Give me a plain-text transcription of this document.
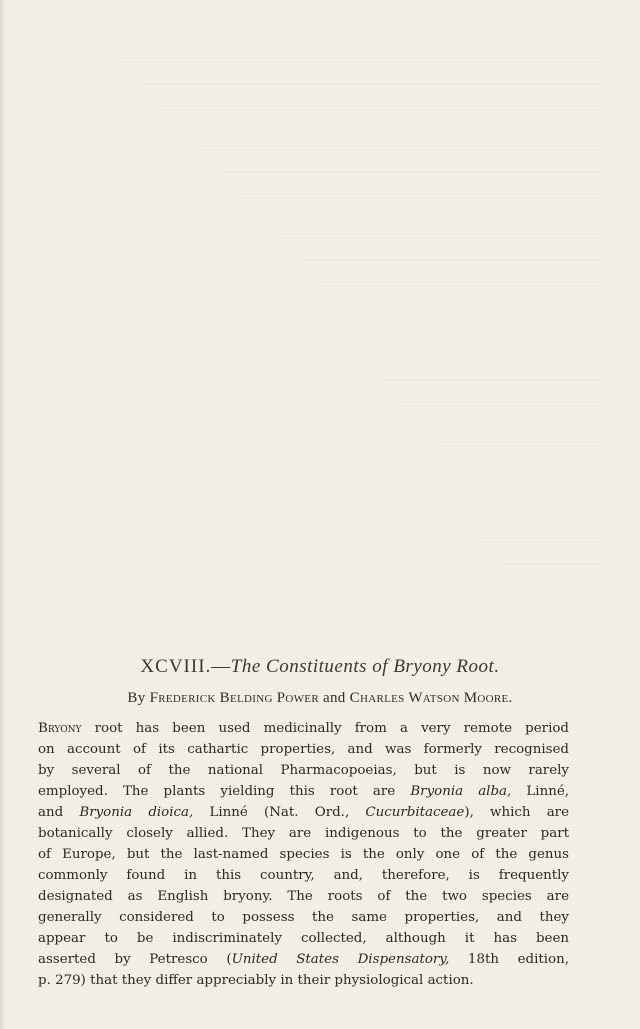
XCVIII.—The Constituents of Bryony Root.
By Frederick Belding Power and Charles Watson Moore.
Bryony root has been used medicinally from a very remote period
on account of its cathartic properties, and was formerly recognised
by several of the national Pharmacopoeias, but is now rarely
employed. The plants yielding this root are Bryonia alba, Linné,
and Bryonia dioica, Linné (Nat. Ord., Cucurbitaceae), which are
botanically closely allied. They are indigenous to the greater part
of Europe, but the last-named species is the only one of the genus
commonly found in this country, and, therefore, is frequently
designated as English bryony. The roots of the two species are
generally considered to possess the same properties, and they
appear to be indiscriminately collected, although it has been
asserted by Petresco (United States Dispensatory, 18th edition,
p. 279) that they differ appreciably in their physiological action.
